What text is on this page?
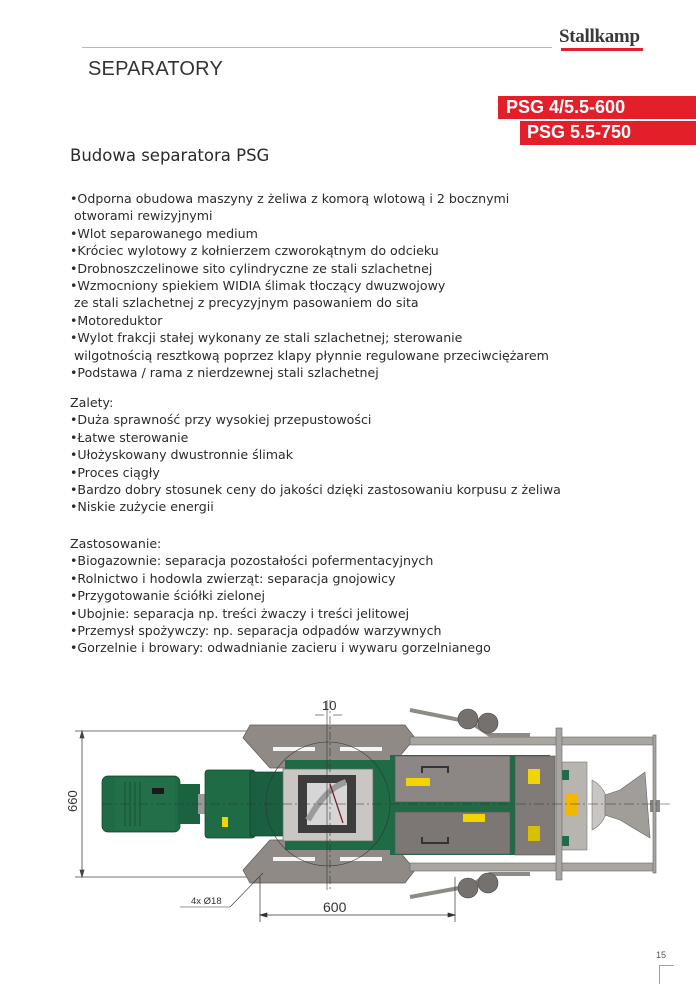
Stallkamp
SEPARATORY
PSG 4/5.5-600
PSG 5.5-750
Budowa separatora PSG
•Odporna obudowa maszyny z żeliwa z komorą wlotową i 2 bocznymi
otworami rewizyjnymi
•Wlot separowanego medium
•Króciec wylotowy z kołnierzem czworokątnym do odcieku
•Drobnoszczelinowe sito cylindryczne ze stali szlachetnej
•Wzmocniony spiekiem WIDIA ślimak tłoczący dwuzwojowy
ze stali szlachetnej z precyzyjnym pasowaniem do sita
•Motoreduktor
•Wylot frakcji stałej wykonany ze stali szlachetnej; sterowanie
wilgotnością resztkową poprzez klapy płynnie regulowane przeciwciężarem
•Podstawa / rama z nierdzewnej stali szlachetnej
Zalety:
•Duża sprawność przy wysokiej przepustowości
•Łatwe sterowanie
•Ułożyskowany dwustronnie ślimak
•Proces ciągły
•Bardzo dobry stosunek ceny do jakości dzięki zastosowaniu korpusu z żeliwa
•Niskie zużycie energii
Zastosowanie:
•Biogazownie: separacja pozostałości pofermentacyjnych
•Rolnictwo i hodowla zwierząt: separacja gnojowicy
•Przygotowanie ściółki zielonej
•Ubojnie: separacja np. treści żwaczy i treści jelitowej
•Przemysł spożywczy: np. separacja odpadów warzywnych
•Gorzelnie i browary: odwadnianie zacieru i wywaru gorzelnianego
660
10
600
4x Ø18
15
